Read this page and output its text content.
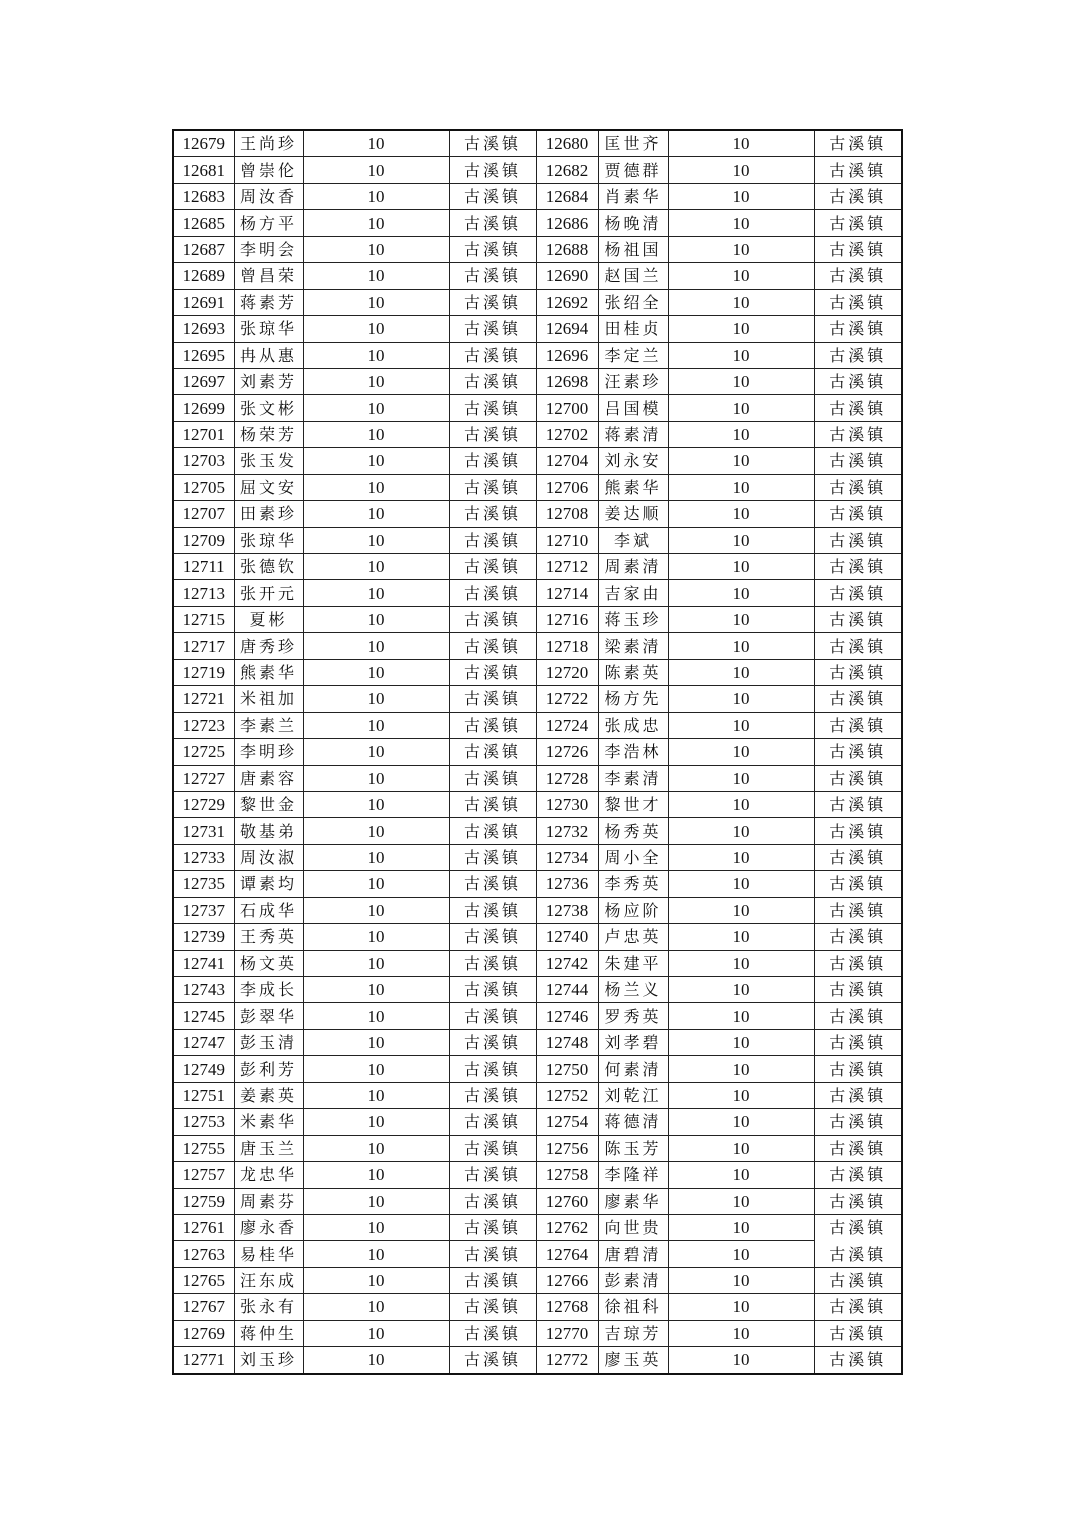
12679	王尚珍	10	古溪镇	12680	匡世齐	10	古溪镇
12681	曾崇伦	10	古溪镇	12682	贾德群	10	古溪镇
12683	周汝香	10	古溪镇	12684	肖素华	10	古溪镇
12685	杨方平	10	古溪镇	12686	杨晚清	10	古溪镇
12687	李明会	10	古溪镇	12688	杨祖国	10	古溪镇
12689	曾昌荣	10	古溪镇	12690	赵国兰	10	古溪镇
12691	蒋素芳	10	古溪镇	12692	张绍全	10	古溪镇
12693	张琼华	10	古溪镇	12694	田桂贞	10	古溪镇
12695	冉从惠	10	古溪镇	12696	李定兰	10	古溪镇
12697	刘素芳	10	古溪镇	12698	汪素珍	10	古溪镇
12699	张文彬	10	古溪镇	12700	吕国模	10	古溪镇
12701	杨荣芳	10	古溪镇	12702	蒋素清	10	古溪镇
12703	张玉发	10	古溪镇	12704	刘永安	10	古溪镇
12705	屈文安	10	古溪镇	12706	熊素华	10	古溪镇
12707	田素珍	10	古溪镇	12708	姜达顺	10	古溪镇
12709	张琼华	10	古溪镇	12710	李斌	10	古溪镇
12711	张德钦	10	古溪镇	12712	周素清	10	古溪镇
12713	张开元	10	古溪镇	12714	吉家由	10	古溪镇
12715	夏彬	10	古溪镇	12716	蒋玉珍	10	古溪镇
12717	唐秀珍	10	古溪镇	12718	梁素清	10	古溪镇
12719	熊素华	10	古溪镇	12720	陈素英	10	古溪镇
12721	米祖加	10	古溪镇	12722	杨方先	10	古溪镇
12723	李素兰	10	古溪镇	12724	张成忠	10	古溪镇
12725	李明珍	10	古溪镇	12726	李浩林	10	古溪镇
12727	唐素容	10	古溪镇	12728	李素清	10	古溪镇
12729	黎世金	10	古溪镇	12730	黎世才	10	古溪镇
12731	敬基弟	10	古溪镇	12732	杨秀英	10	古溪镇
12733	周汝淑	10	古溪镇	12734	周小全	10	古溪镇
12735	谭素均	10	古溪镇	12736	李秀英	10	古溪镇
12737	石成华	10	古溪镇	12738	杨应阶	10	古溪镇
12739	王秀英	10	古溪镇	12740	卢忠英	10	古溪镇
12741	杨文英	10	古溪镇	12742	朱建平	10	古溪镇
12743	李成长	10	古溪镇	12744	杨兰义	10	古溪镇
12745	彭翠华	10	古溪镇	12746	罗秀英	10	古溪镇
12747	彭玉清	10	古溪镇	12748	刘孝碧	10	古溪镇
12749	彭利芳	10	古溪镇	12750	何素清	10	古溪镇
12751	姜素英	10	古溪镇	12752	刘乾江	10	古溪镇
12753	米素华	10	古溪镇	12754	蒋德清	10	古溪镇
12755	唐玉兰	10	古溪镇	12756	陈玉芳	10	古溪镇
12757	龙忠华	10	古溪镇	12758	李隆祥	10	古溪镇
12759	周素芬	10	古溪镇	12760	廖素华	10	古溪镇
12761	廖永香	10	古溪镇	12762	向世贵	10	古溪镇
12763	易桂华	10	古溪镇	12764	唐碧清	10	古溪镇
12765	汪东成	10	古溪镇	12766	彭素清	10	古溪镇
12767	张永有	10	古溪镇	12768	徐祖科	10	古溪镇
12769	蒋仲生	10	古溪镇	12770	吉琼芳	10	古溪镇
12771	刘玉珍	10	古溪镇	12772	廖玉英	10	古溪镇
